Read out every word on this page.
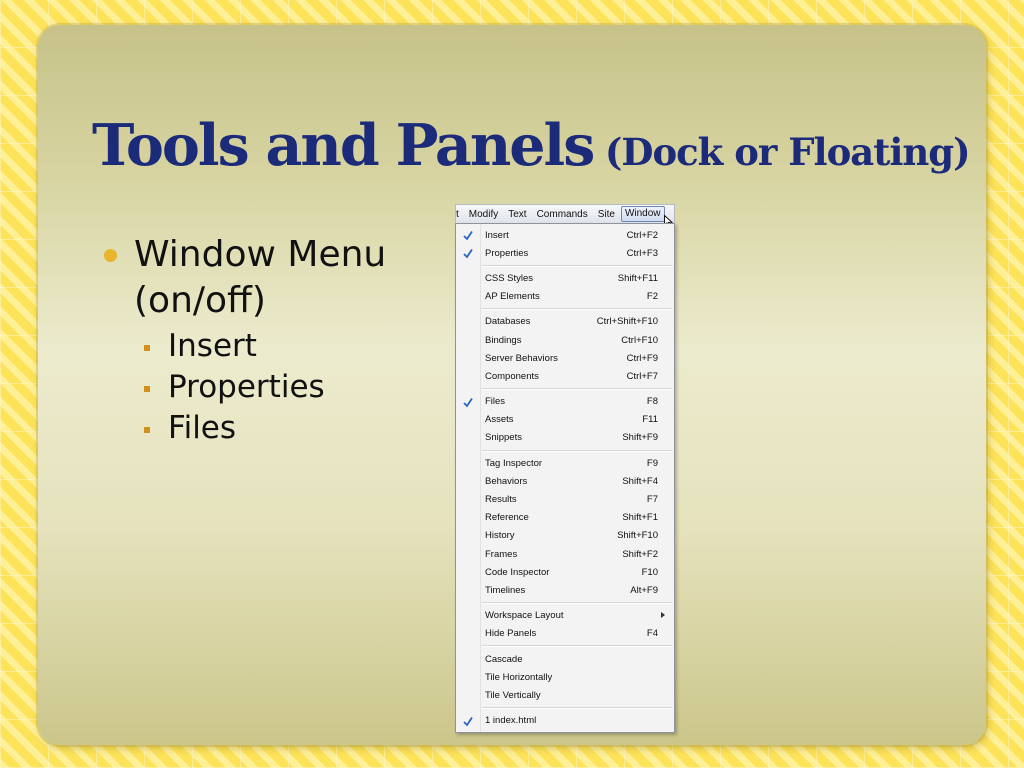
Tools and Panels (Dock or Floating)
Window Menu (on/off)
Insert
Properties
Files
t	Modify	Text	Commands	Site	Window
Insert	Ctrl+F2
Properties	Ctrl+F3
CSS Styles	Shift+F11
AP Elements	F2
Databases	Ctrl+Shift+F10
Bindings	Ctrl+F10
Server Behaviors	Ctrl+F9
Components	Ctrl+F7
Files	F8
Assets	F11
Snippets	Shift+F9
Tag Inspector	F9
Behaviors	Shift+F4
Results	F7
Reference	Shift+F1
History	Shift+F10
Frames	Shift+F2
Code Inspector	F10
Timelines	Alt+F9
Workspace Layout
Hide Panels	F4
Cascade
Tile Horizontally
Tile Vertically
1 index.html
